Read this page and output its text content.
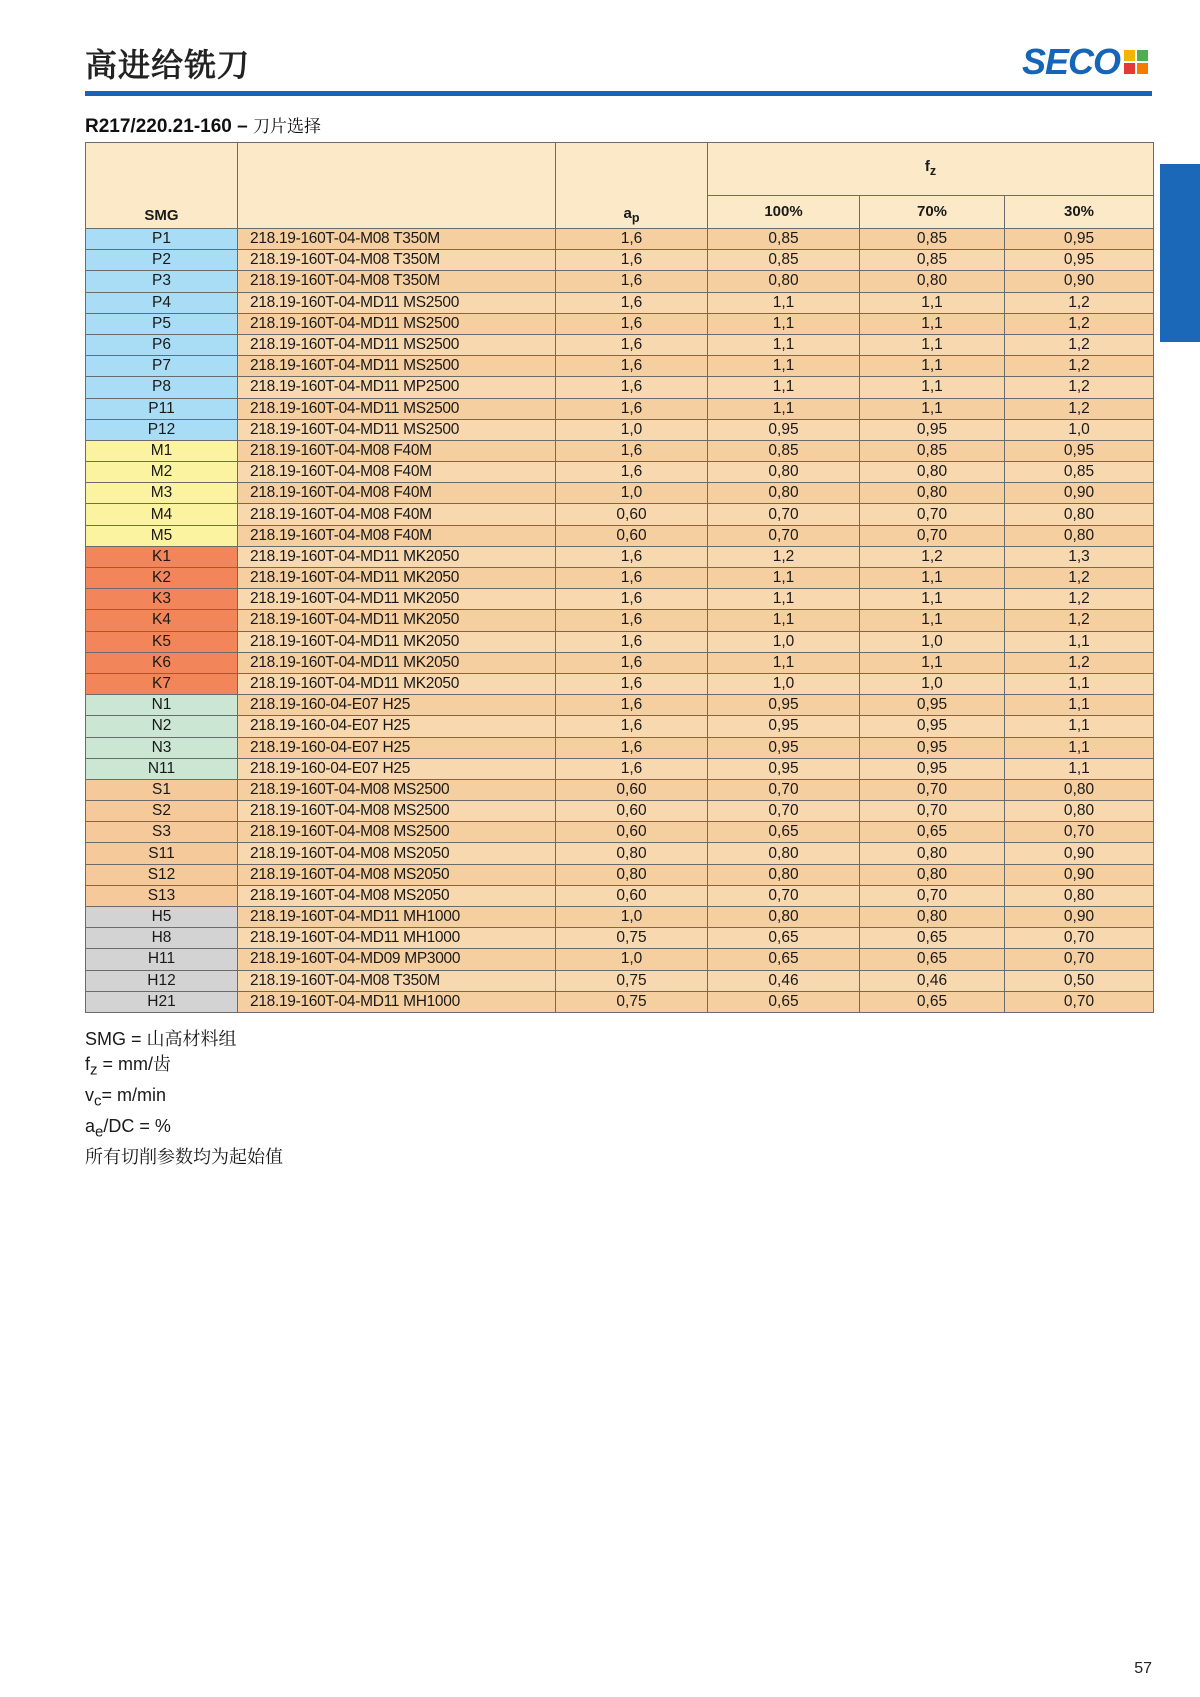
高进给铣刀	SECO
R217/220.21-160 – 刀片选择
SMG		$a_p$	$f_z$
			100%	70%	30%
P1	218.19-160T-04-M08 T350M	1,6	0,85	0,85	0,95
P2	218.19-160T-04-M08 T350M	1,6	0,85	0,85	0,95
P3	218.19-160T-04-M08 T350M	1,6	0,80	0,80	0,90
P4	218.19-160T-04-MD11 MS2500	1,6	1,1	1,1	1,2
P5	218.19-160T-04-MD11 MS2500	1,6	1,1	1,1	1,2
P6	218.19-160T-04-MD11 MS2500	1,6	1,1	1,1	1,2
P7	218.19-160T-04-MD11 MS2500	1,6	1,1	1,1	1,2
P8	218.19-160T-04-MD11 MP2500	1,6	1,1	1,1	1,2
P11	218.19-160T-04-MD11 MS2500	1,6	1,1	1,1	1,2
P12	218.19-160T-04-MD11 MS2500	1,0	0,95	0,95	1,0
M1	218.19-160T-04-M08 F40M	1,6	0,85	0,85	0,95
M2	218.19-160T-04-M08 F40M	1,6	0,80	0,80	0,85
M3	218.19-160T-04-M08 F40M	1,0	0,80	0,80	0,90
M4	218.19-160T-04-M08 F40M	0,60	0,70	0,70	0,80
M5	218.19-160T-04-M08 F40M	0,60	0,70	0,70	0,80
K1	218.19-160T-04-MD11 MK2050	1,6	1,2	1,2	1,3
K2	218.19-160T-04-MD11 MK2050	1,6	1,1	1,1	1,2
K3	218.19-160T-04-MD11 MK2050	1,6	1,1	1,1	1,2
K4	218.19-160T-04-MD11 MK2050	1,6	1,1	1,1	1,2
K5	218.19-160T-04-MD11 MK2050	1,6	1,0	1,0	1,1
K6	218.19-160T-04-MD11 MK2050	1,6	1,1	1,1	1,2
K7	218.19-160T-04-MD11 MK2050	1,6	1,0	1,0	1,1
N1	218.19-160-04-E07 H25	1,6	0,95	0,95	1,1
N2	218.19-160-04-E07 H25	1,6	0,95	0,95	1,1
N3	218.19-160-04-E07 H25	1,6	0,95	0,95	1,1
N11	218.19-160-04-E07 H25	1,6	0,95	0,95	1,1
S1	218.19-160T-04-M08 MS2500	0,60	0,70	0,70	0,80
S2	218.19-160T-04-M08 MS2500	0,60	0,70	0,70	0,80
S3	218.19-160T-04-M08 MS2500	0,60	0,65	0,65	0,70
S11	218.19-160T-04-M08 MS2050	0,80	0,80	0,80	0,90
S12	218.19-160T-04-M08 MS2050	0,80	0,80	0,80	0,90
S13	218.19-160T-04-M08 MS2050	0,60	0,70	0,70	0,80
H5	218.19-160T-04-MD11 MH1000	1,0	0,80	0,80	0,90
H8	218.19-160T-04-MD11 MH1000	0,75	0,65	0,65	0,70
H11	218.19-160T-04-MD09 MP3000	1,0	0,65	0,65	0,70
H12	218.19-160T-04-M08 T350M	0,75	0,46	0,46	0,50
H21	218.19-160T-04-MD11 MH1000	0,75	0,65	0,65	0,70
SMG = 山高材料组
$f_z = mm/$齿
$v_c= m/\min$
$a_e/DC$ = %
所有切削参数均为起始值
57
